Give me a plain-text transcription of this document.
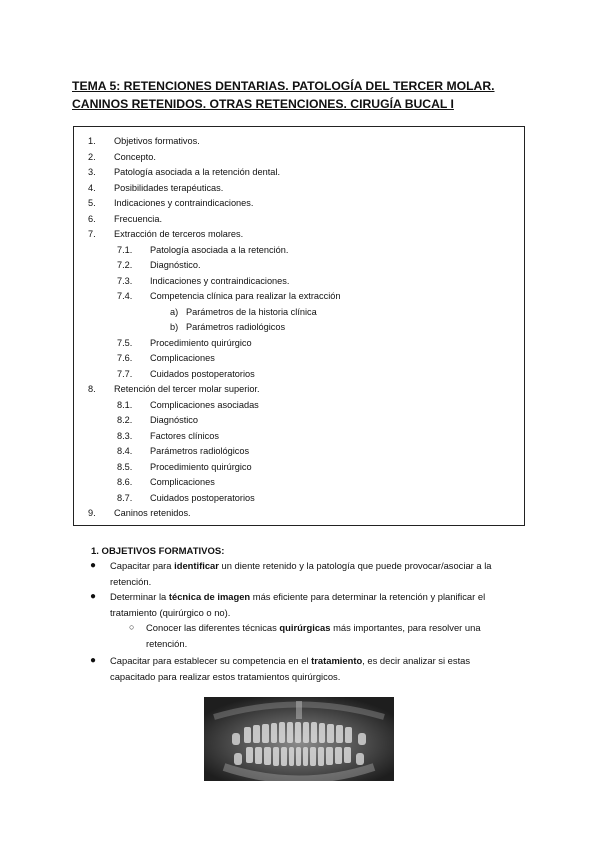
TEMA 5: RETENCIONES DENTARIAS. PATOLOGÍA DEL TERCER MOLAR.
CANINOS RETENIDOS. OTRAS RETENCIONES. CIRUGÍA BUCAL I
1. Objetivos formativos.
2. Concepto.
3. Patología asociada a la retención dental.
4. Posibilidades terapéuticas.
5. Indicaciones y contraindicaciones.
6. Frecuencia.
7. Extracción de terceros molares.
7.1. Patología asociada a la retención.
7.2. Diagnóstico.
7.3. Indicaciones y contraindicaciones.
7.4. Competencia clínica para realizar la extracción
a) Parámetros de la historia clínica
b) Parámetros radiológicos
7.5. Procedimiento quirúrgico
7.6. Complicaciones
7.7. Cuidados postoperatorios
8. Retención del tercer molar superior.
8.1. Complicaciones asociadas
8.2. Diagnóstico
8.3. Factores clínicos
8.4. Parámetros radiológicos
8.5. Procedimiento quirúrgico
8.6. Complicaciones
8.7. Cuidados postoperatorios
9. Caninos retenidos.
1. OBJETIVOS FORMATIVOS:
● Capacitar para identificar un diente retenido y la patología que puede provocar/asociar a la
retención.
● Determinar la técnica de imagen más eficiente para determinar la retención y planificar el
tratamiento (quirúrgico o no).
○ Conocer las diferentes técnicas quirúrgicas más importantes, para resolver una
retención.
● Capacitar para establecer su competencia en el tratamiento, es decir analizar si estas
capacitado para realizar estos tratamientos quirúrgicos.
